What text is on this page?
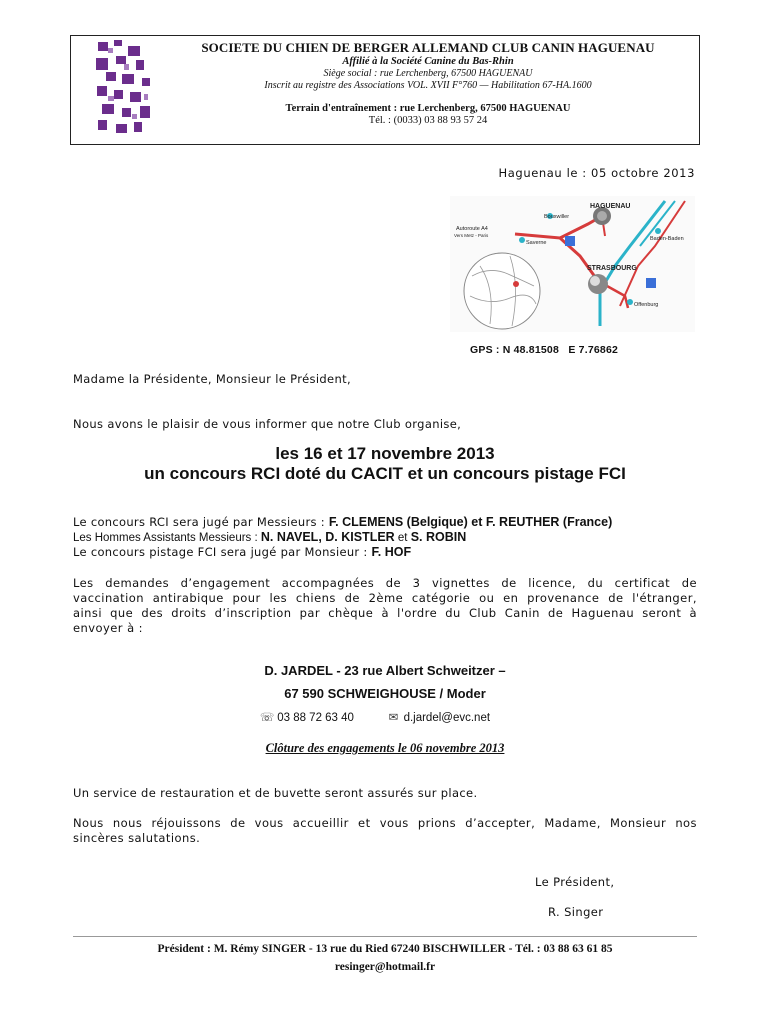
SOCIETE DU CHIEN DE BERGER ALLEMAND CLUB CANIN HAGUENAU
Affilié à la Société Canine du Bas-Rhin
Siège social : rue Lerchenberg, 67500 HAGUENAU
Inscrit au registre des Associations VOL. XVII F°760 — Habilitation 67-HA.1600
Terrain d'entraînement : rue Lerchenberg, 67500 HAGUENAU
Tél. : (0033) 03 88 93 57 24
Haguenau le : 05 octobre 2013
HAGUENAU
Bouxwiller
Autoroute A4
Vers Metz - Paris
Saverne
Baden-Baden
STRASBOURG
Offenburg
GPS : N 48.81508   E 7.76862
Madame la Présidente, Monsieur le Président,
Nous avons le plaisir de vous informer que notre Club organise,
les 16 et 17 novembre 2013
un concours RCI doté du CACIT et un concours pistage FCI
Le concours RCI sera jugé par Messieurs : F. CLEMENS (Belgique) et F. REUTHER (France)
Les Hommes Assistants Messieurs : N. NAVEL, D. KISTLER et S. ROBIN
Le concours pistage FCI sera jugé par Monsieur : F. HOF
Les demandes d’engagement accompagnées de 3 vignettes de licence, du certificat de
vaccination antirabique pour les chiens de 2ème catégorie ou en provenance de l'étranger,
ainsi que des droits d’inscription par chèque à l'ordre du Club Canin de Haguenau seront à
envoyer à :
D. JARDEL - 23 rue Albert Schweitzer –
67 590 SCHWEIGHOUSE / Moder
☏ 03 88 72 63 40	✉ d.jardel@evc.net
Clôture des engagements le 06 novembre 2013
Un service de restauration et de buvette seront assurés sur place.
Nous nous réjouissons de vous accueillir et vous prions d’accepter, Madame, Monsieur nos
sincères salutations.
Le Président,
R. Singer
Président : M. Rémy SINGER - 13 rue du Ried 67240 BISCHWILLER - Tél. : 03 88 63 61 85
resinger@hotmail.fr
